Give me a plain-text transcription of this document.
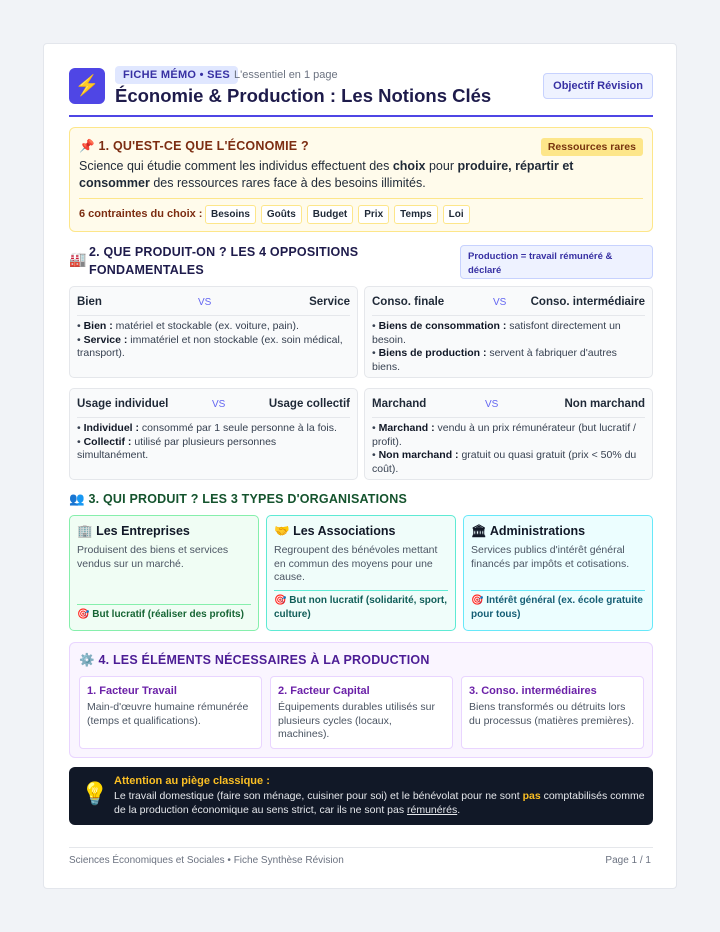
⚡	FICHE MÉMO • SES L'essentiel en 1 page
Économie & Production : Les Notions Clés	Objectif Révision
📌 1. QU'EST-CE QUE L'ÉCONOMIE ?	Ressources rares

Science qui étudie comment les individus effectuent des choix pour produire, répartir et consommer des ressources rares face à des besoins illimités.

6 contraintes du choix : Besoins	Goûts	Budget	Prix	Temps	Loi
🏭 2. QUE PRODUIT-ON ? LES 4 OPPOSITIONS FONDAMENTALES
Production = travail rémunéré & déclaré
Bien	VS	Service
• Bien : matériel et stockable (ex. voiture, pain).
• Service : immatériel et non stockable (ex. soin médical, transport).
Conso. finale	VS Conso. intermédiaire
• Biens de consommation : satisfont directement un besoin.
• Biens de production : servent à fabriquer d'autres biens.
Usage individuel	VS	Usage collectif
• Individuel : consommé par 1 seule personne à la fois.
• Collectif : utilisé par plusieurs personnes simultanément.
Marchand	VS	Non marchand
• Marchand : vendu à un prix rémunérateur (but lucratif / profit).
• Non marchand : gratuit ou quasi gratuit (prix < 50% du coût).
👥 3. QUI PRODUIT ? LES 3 TYPES D'ORGANISATIONS
🏢 Les Entreprises
Produisent des biens et services vendus sur un marché.
🎯 But lucratif (réaliser des profits)
🤝 Les Associations
Regroupent des bénévoles mettant en commun des moyens pour une cause.
🎯 But non lucratif (solidarité, sport, culture)
🏛 Administrations
Services publics d'intérêt général financés par impôts et cotisations.
🎯 Intérêt général (ex. école gratuite pour tous)
⚙️ 4. LES ÉLÉMENTS NÉCESSAIRES À LA PRODUCTION
1. Facteur Travail
Main-d'œuvre humaine rémunérée (temps et qualifications).
2. Facteur Capital
Équipements durables utilisés sur plusieurs cycles (locaux, machines).
3. Conso. intermédiaires
Biens transformés ou détruits lors du processus (matières premières).
💡 Attention au piège classique :
Le travail domestique (faire son ménage, cuisiner pour soi) et le bénévolat pour ne sont pas comptabilisés comme de la production économique au sens strict, car ils ne sont pas rémunérés.
Sciences Économiques et Sociales • Fiche Synthèse Révision	Page 1 / 1
